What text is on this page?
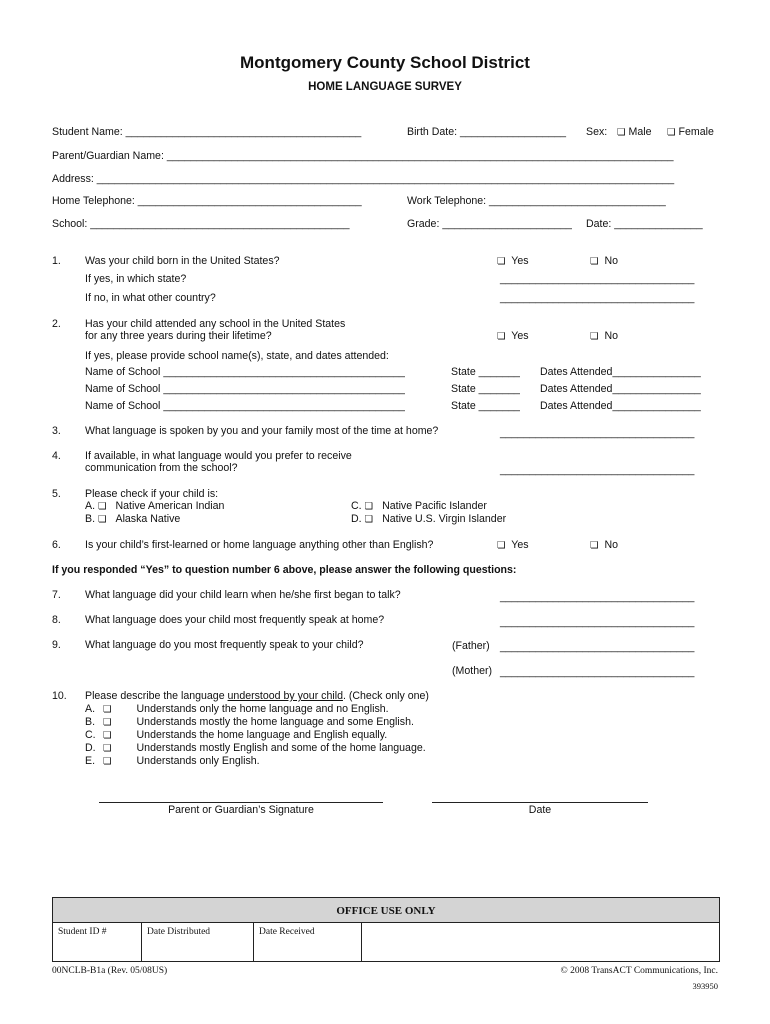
Montgomery County School District
HOME LANGUAGE SURVEY
Student Name: ________________________________________	Birth Date: __________________ Sex: ❏ Male ❏ Female
Parent/Guardian Name: ______________________________________________________________________________________
Address: __________________________________________________________________________________________________
Home Telephone: ______________________________________	Work Telephone: ______________________________
School: ____________________________________________	Grade: ______________________ Date: _______________
1. Was your child born in the United States?	❏ Yes	❏ No
If yes, in which state?	_________________________________
If no, in what other country?	_________________________________
2. Has your child attended any school in the United States
for any three years during their lifetime?	❏ Yes	❏ No
If yes, please provide school name(s), state, and dates attended:
Name of School _________________________________________	State _______ Dates Attended_______________
Name of School _________________________________________	State _______ Dates Attended_______________
Name of School _________________________________________	State _______ Dates Attended_______________
3. What language is spoken by you and your family most of the time at home?	_________________________________
4. If available, in what language would you prefer to receive
communication from the school?	_________________________________
5. Please check if your child is:
A. ❏ Native American Indian
B. ❏ Alaska Native
C. ❏ Native Pacific Islander
D. ❏ Native U.S. Virgin Islander
6. Is your child’s first-learned or home language anything other than English?	❏ Yes	❏ No
If you responded “Yes” to question number 6 above, please answer the following questions:
7. What language did your child learn when he/she first began to talk?	_________________________________
8. What language does your child most frequently speak at home?	_________________________________
9. What language do you most frequently speak to your child?	(Father) _________________________________
(Mother) _________________________________
10. Please describe the language understood by your child. (Check only one)
A. ❏ Understands only the home language and no English.
B. ❏ Understands mostly the home language and some English.
C. ❏ Understands the home language and English equally.
D. ❏ Understands mostly English and some of the home language.
E. ❏ Understands only English.
Parent or Guardian’s Signature	Date
OFFICE USE ONLY
Student ID #	Date Distributed	Date Received
00NCLB-B1a (Rev. 05/08US)	© 2008 TransACT Communications, Inc.
393950
